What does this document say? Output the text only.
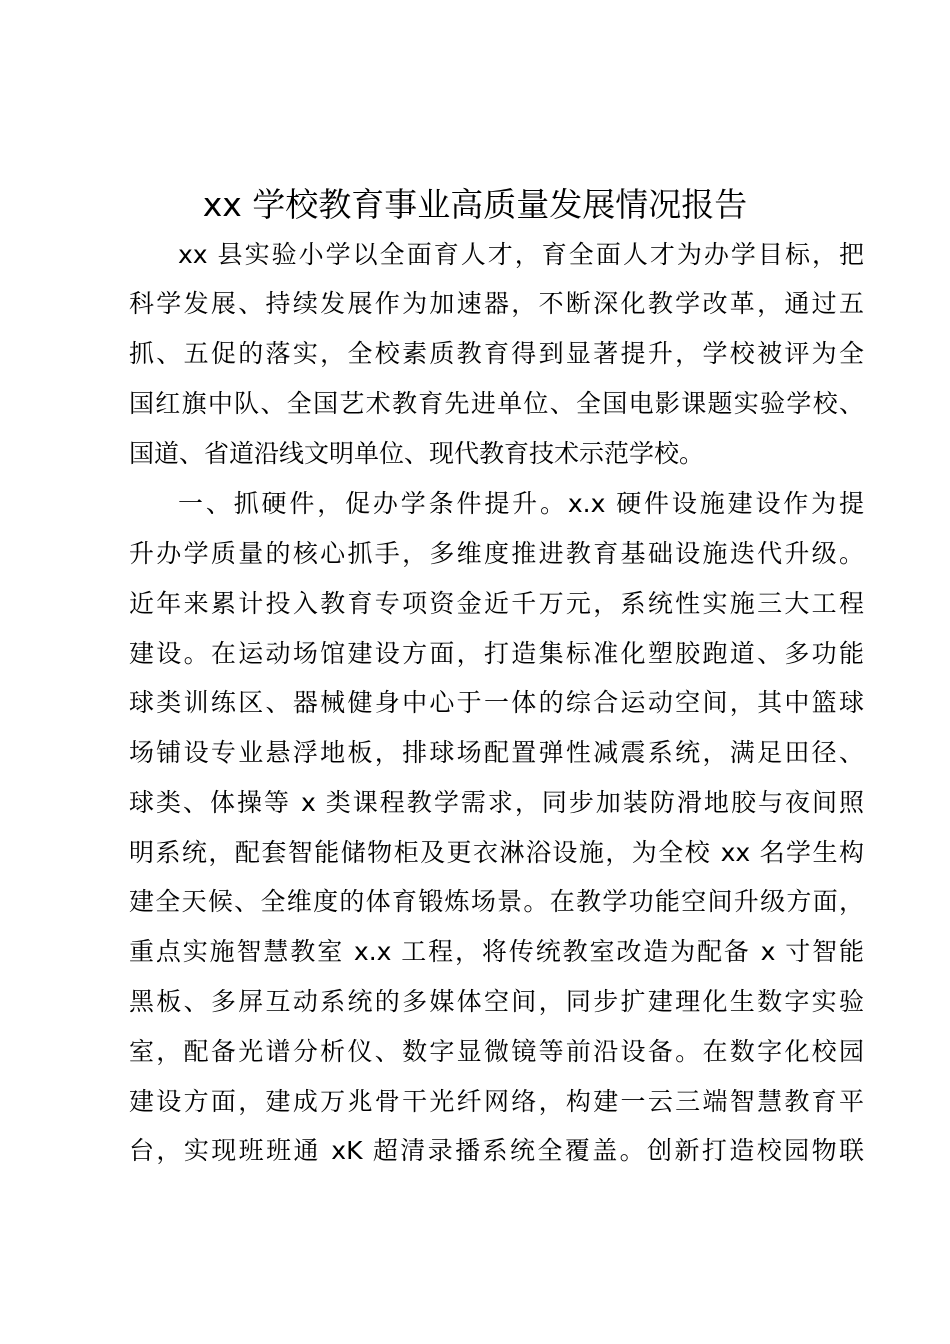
xx 学校教育事业高质量发展情况报告
xx 县实验小学以全面育人才，育全面人才为办学目标，把
科学发展、持续发展作为加速器，不断深化教学改革，通过五
抓、五促的落实，全校素质教育得到显著提升，学校被评为全
国红旗中队、全国艺术教育先进单位、全国电影课题实验学校、
国道、省道沿线文明单位、现代教育技术示范学校。
一、抓硬件，促办学条件提升。x.x 硬件设施建设作为提
升办学质量的核心抓手，多维度推进教育基础设施迭代升级。
近年来累计投入教育专项资金近千万元，系统性实施三大工程
建设。在运动场馆建设方面，打造集标准化塑胶跑道、多功能
球类训练区、器械健身中心于一体的综合运动空间，其中篮球
场铺设专业悬浮地板，排球场配置弹性减震系统，满足田径、
球类、体操等 x 类课程教学需求，同步加装防滑地胶与夜间照
明系统，配套智能储物柜及更衣淋浴设施，为全校 xx 名学生构
建全天候、全维度的体育锻炼场景。在教学功能空间升级方面，
重点实施智慧教室 x.x 工程，将传统教室改造为配备 x 寸智能
黑板、多屏互动系统的多媒体空间，同步扩建理化生数字实验
室，配备光谱分析仪、数字显微镜等前沿设备。在数字化校园
建设方面，建成万兆骨干光纤网络，构建一云三端智慧教育平
台，实现班班通 xK 超清录播系统全覆盖。创新打造校园物联
